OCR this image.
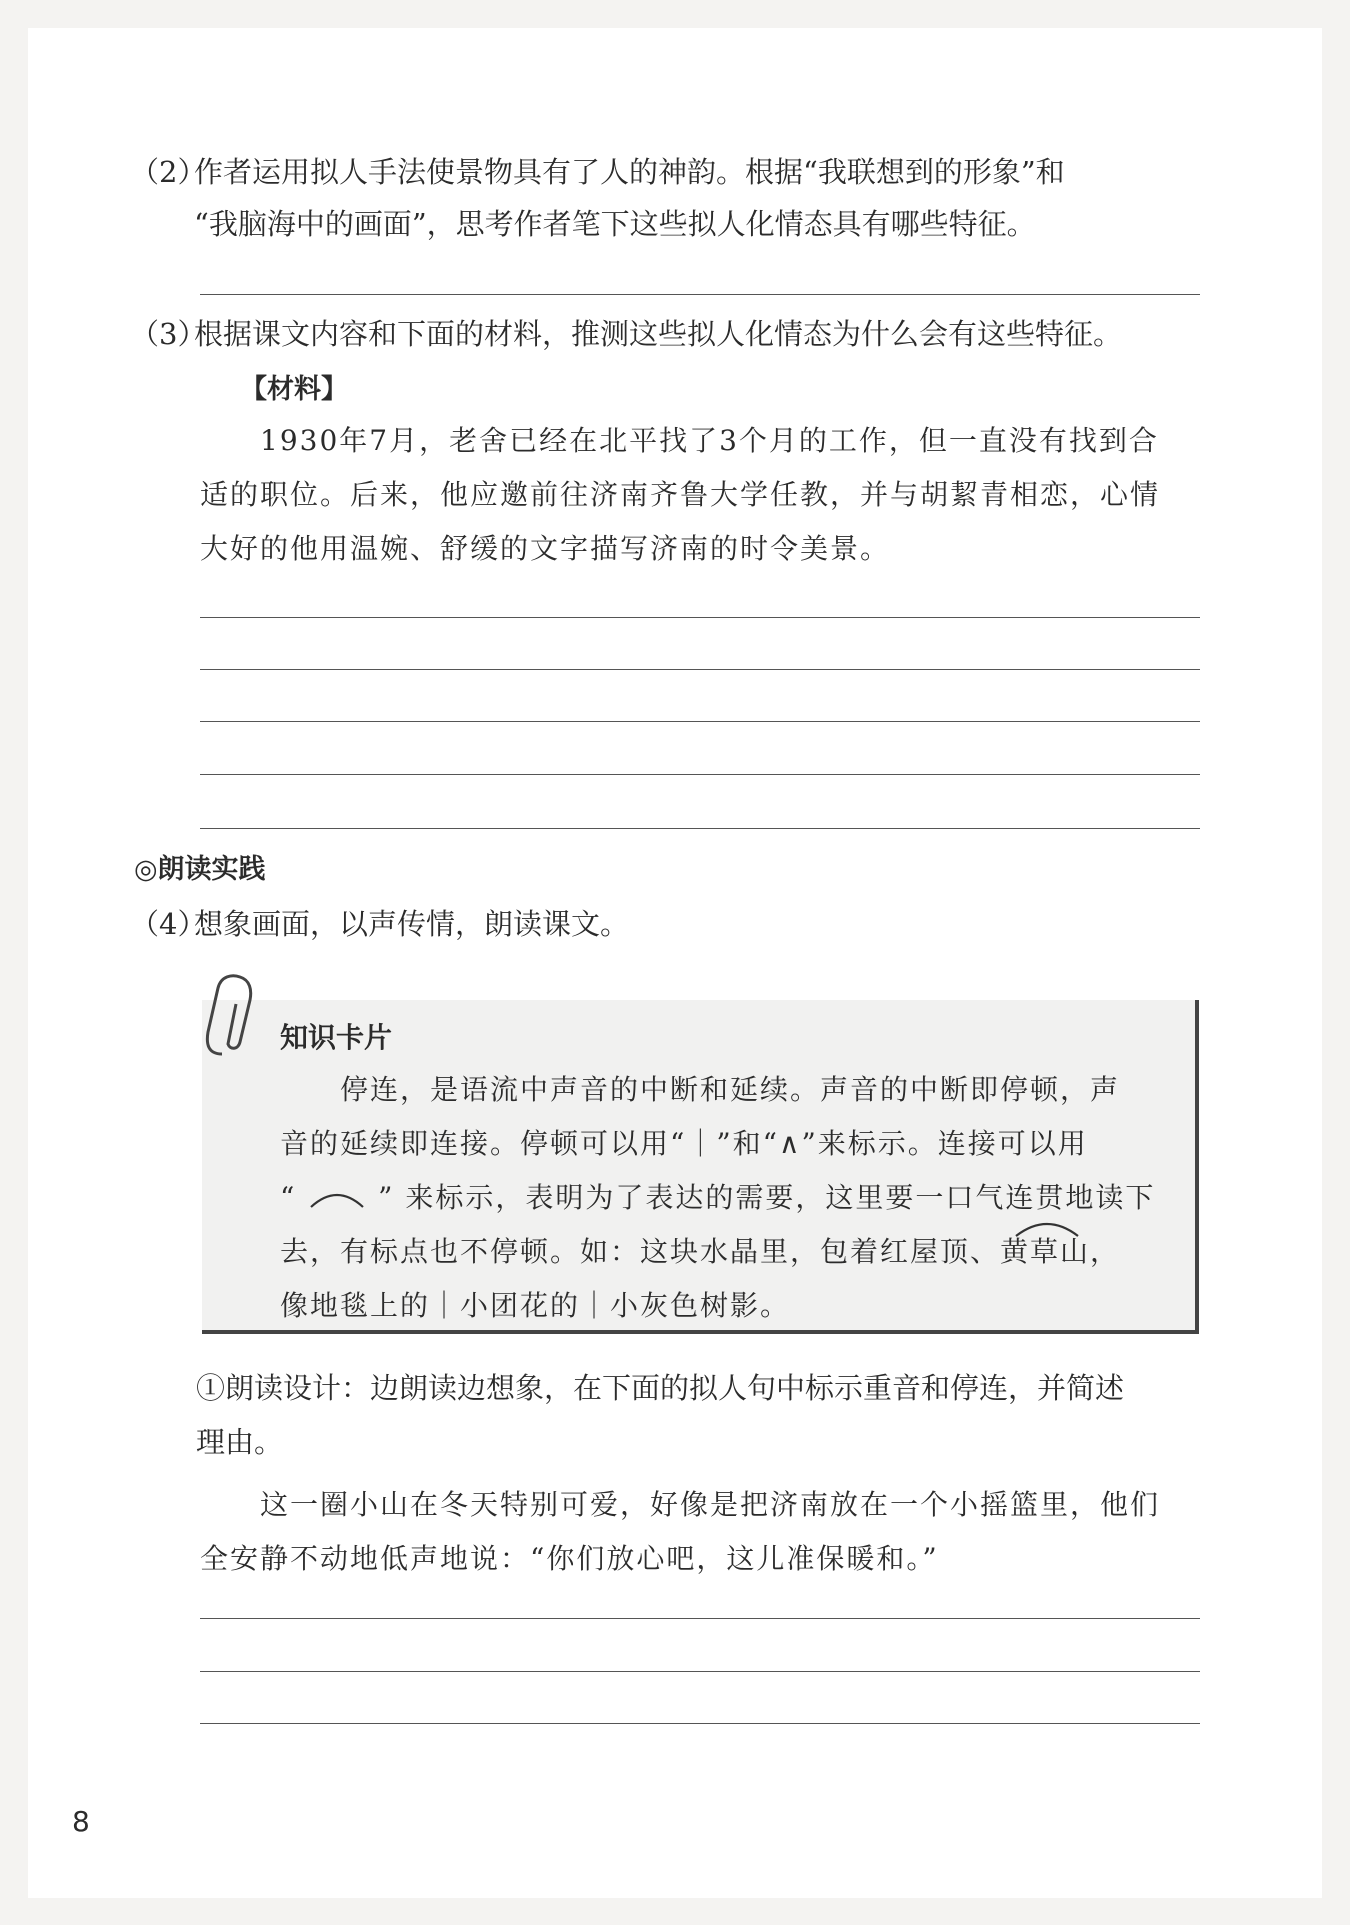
（2）
作者运用拟人手法使景物具有了人的神韵。根据“我联想到的形象”和
“我脑海中的画面”，思考作者笔下这些拟人化情态具有哪些特征。
（3）
根据课文内容和下面的材料，推测这些拟人化情态为什么会有这些特征。
【材料】
1930年7月，老舍已经在北平找了3个月的工作，但一直没有找到合
适的职位。后来，他应邀前往济南齐鲁大学任教，并与胡絜青相恋，心情
大好的他用温婉、舒缓的文字描写济南的时令美景。
◎朗读实践
（4）
想象画面，以声传情，朗读课文。
知识卡片
停连，是语流中声音的中断和延续。声音的中断即停顿，声
音的延续即连接。停顿可以用“｜”和“∧”来标示。连接可以用
“	” 来标示，表明为了表达的需要，这里要一口气连贯地读下
去，有标点也不停顿。如：这块水晶里，包着红屋顶、黄草山，
像地毯上的｜小团花的｜小灰色树影。
①朗读设计：边朗读边想象，在下面的拟人句中标示重音和停连，并简述
理由。
这一圈小山在冬天特别可爱，好像是把济南放在一个小摇篮里，他们
全安静不动地低声地说：“你们放心吧，这儿准保暖和。”
8
